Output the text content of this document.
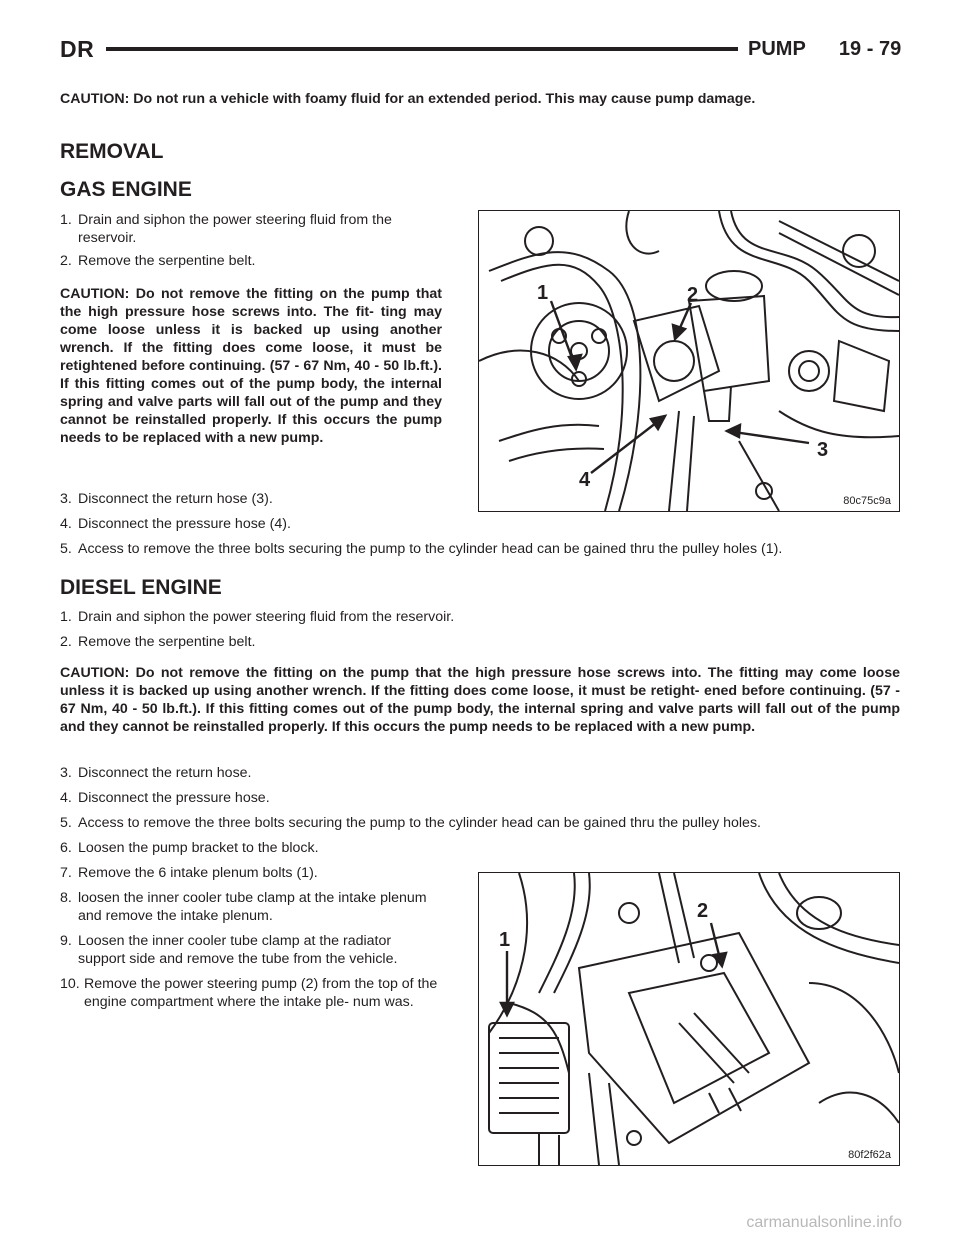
DR	PUMP 19 - 79
CAUTION: Do not run a vehicle with foamy fluid for an extended period. This may cause pump damage.
REMOVAL
GAS ENGINE
1. Drain and siphon the power steering fluid from the reservoir.
2. Remove the serpentine belt.
CAUTION: Do not remove the fitting on the pump that the high pressure hose screws into. The fit- ting may come loose unless it is backed up using another wrench. If the fitting does come loose, it must be retightened before continuing. (57 - 67 Nm, 40 - 50 lb.ft.). If this fitting comes out of the pump body, the internal spring and valve parts will fall out of the pump and they cannot be reinstalled properly. If this occurs the pump needs to be replaced with a new pump.
3. Disconnect the return hose (3).
4. Disconnect the pressure hose (4).
5. Access to remove the three bolts securing the pump to the cylinder head can be gained thru the pulley holes (1).
1	2
3
4
80c75c9a
DIESEL ENGINE
1. Drain and siphon the power steering fluid from the reservoir.
2. Remove the serpentine belt.
CAUTION: Do not remove the fitting on the pump that the high pressure hose screws into. The fitting may come loose unless it is backed up using another wrench. If the fitting does come loose, it must be retight- ened before continuing. (57 - 67 Nm, 40 - 50 lb.ft.). If this fitting comes out of the pump body, the internal spring and valve parts will fall out of the pump and they cannot be reinstalled properly. If this occurs the pump needs to be replaced with a new pump.
3. Disconnect the return hose.
4. Disconnect the pressure hose.
5. Access to remove the three bolts securing the pump to the cylinder head can be gained thru the pulley holes.
6. Loosen the pump bracket to the block.
7. Remove the 6 intake plenum bolts (1).
8. loosen the inner cooler tube clamp at the intake plenum and remove the intake plenum.
9. Loosen the inner cooler tube clamp at the radiator support side and remove the tube from the vehicle.
10. Remove the power steering pump (2) from the top of the engine compartment where the intake ple- num was.
1
2
80f2f62a
carmanualsonline.info
